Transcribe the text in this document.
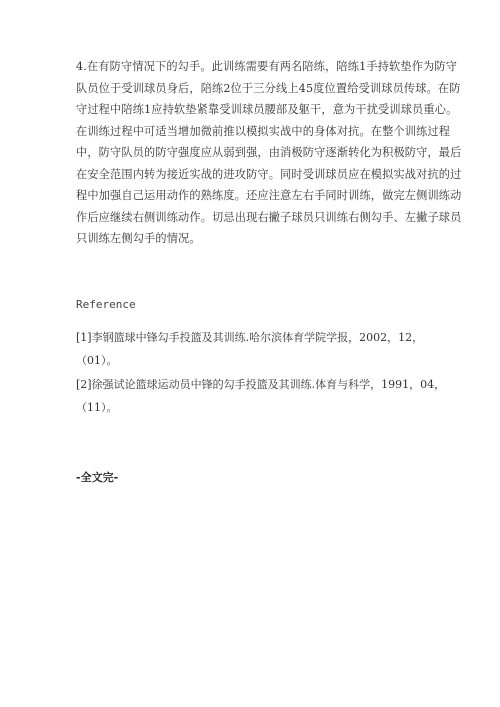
4.在有防守情况下的勾手。此训练需要有两名陪练，陪练1手持软垫作为防守
队员位于受训球员身后，陪练2位于三分线上45度位置给受训球员传球。在防
守过程中陪练1应持软垫紧靠受训球员腰部及躯干，意为干扰受训球员重心。
在训练过程中可适当增加微前推以模拟实战中的身体对抗。在整个训练过程
中，防守队员的防守强度应从弱到强，由消极防守逐渐转化为积极防守，最后
在安全范围内转为接近实战的进攻防守。同时受训球员应在模拟实战对抗的过
程中加强自己运用动作的熟练度。还应注意左右手同时训练，做完左侧训练动
作后应继续右侧训练动作。切忌出现右撇子球员只训练右侧勾手、左撇子球员
只训练左侧勾手的情况。
Reference
[1]李钢篮球中锋勾手投篮及其训练.哈尔滨体育学院学报，2002，12，
（01）。
[2]徐强试论篮球运动员中锋的勾手投篮及其训练.体育与科学，1991，04，
（11）。
-全文完-
